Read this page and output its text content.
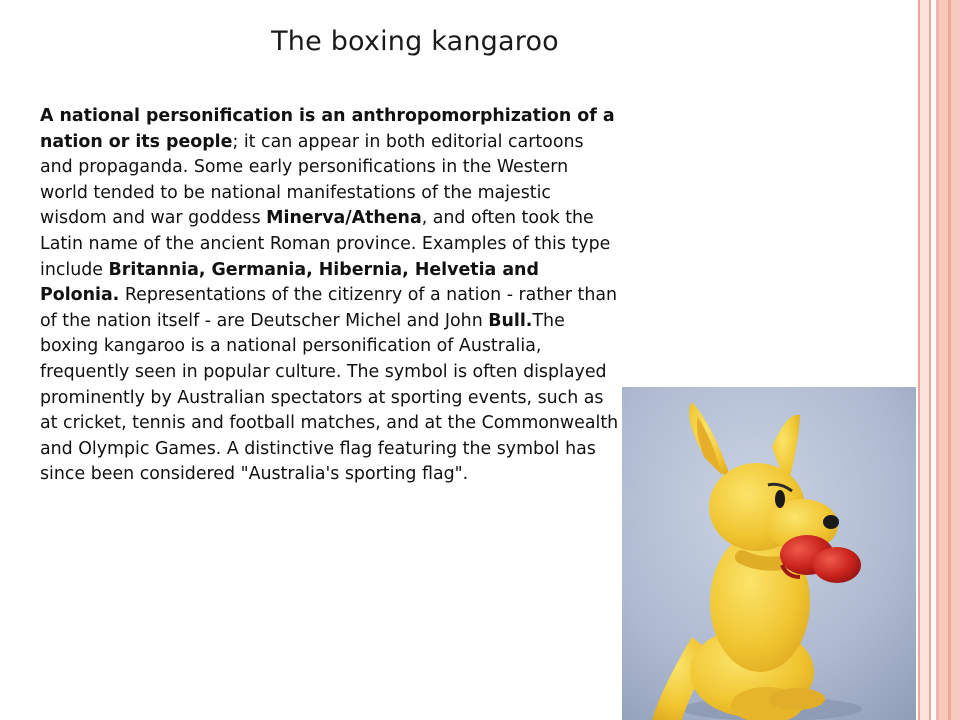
The boxing kangaroo
A national personification is an anthropomorphization of a nation or its people; it can appear in both editorial cartoons and propaganda. Some early personifications in the Western world tended to be national manifestations of the majestic wisdom and war goddess Minerva/Athena, and often took the Latin name of the ancient Roman province. Examples of this type include Britannia, Germania, Hibernia, Helvetia and Polonia. Representations of the citizenry of a nation - rather than of the nation itself - are Deutscher Michel and John Bull.The boxing kangaroo is a national personification of Australia, frequently seen in popular culture. The symbol is often displayed prominently by Australian spectators at sporting events, such as at cricket, tennis and football matches, and at the Commonwealth and Olympic Games. A distinctive flag featuring the symbol has since been considered "Australia's sporting flag".
